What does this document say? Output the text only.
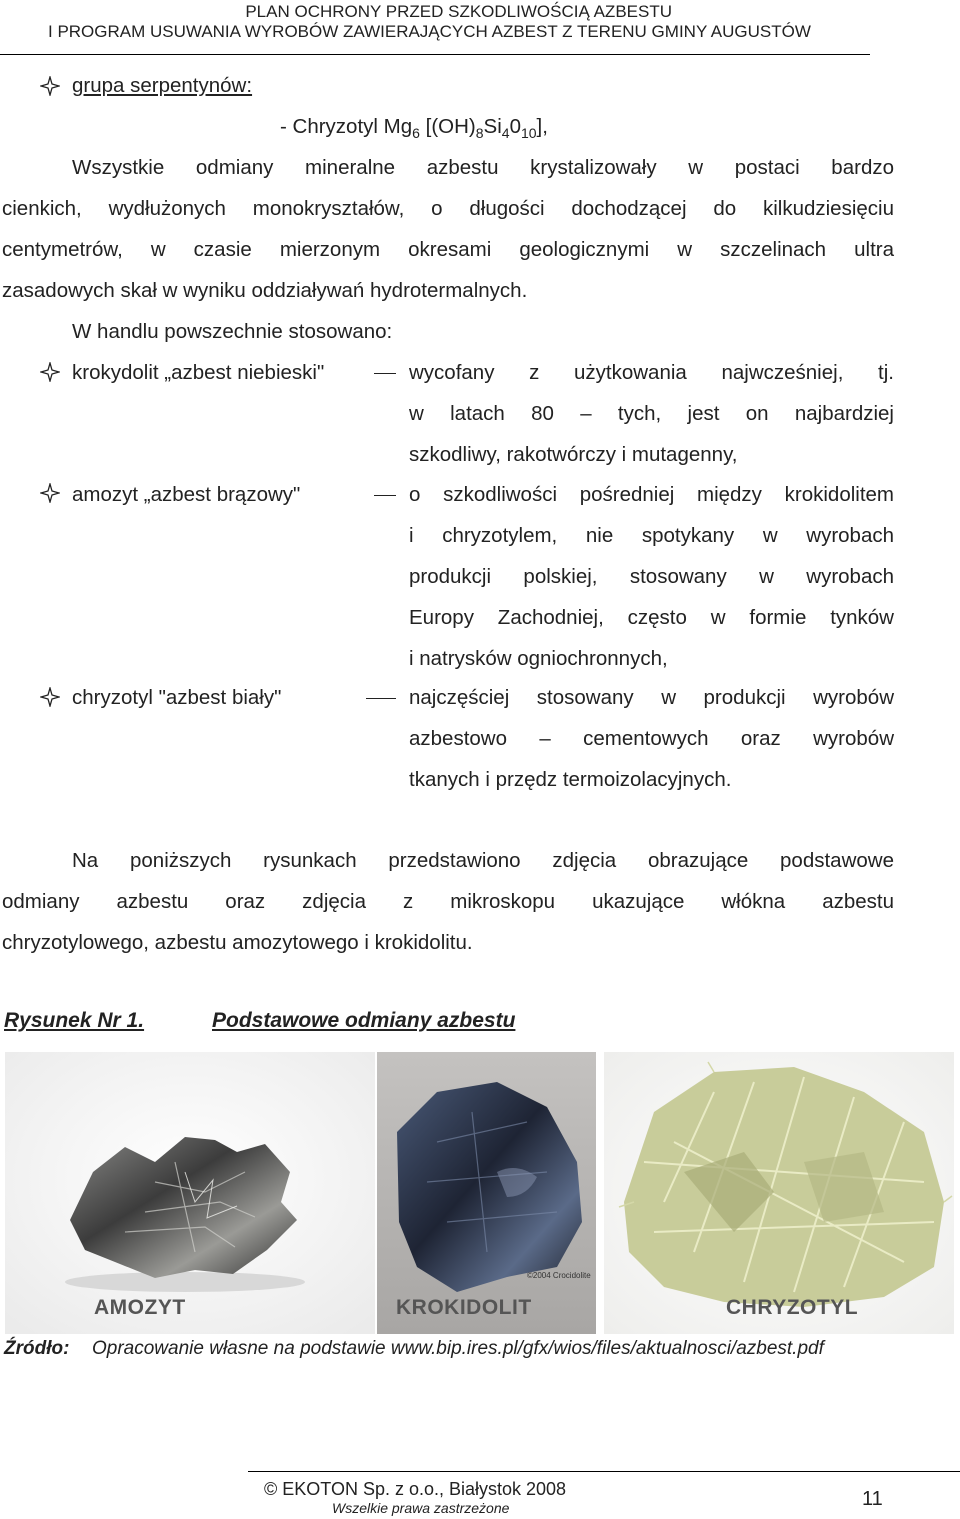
PLAN OCHRONY PRZED SZKODLIWOŚCIĄ AZBESTU
I PROGRAM USUWANIA WYROBÓW ZAWIERAJĄCYCH AZBEST Z TERENU GMINY AUGUSTÓW
grupa serpentynów:
- Chryzotyl $Mg_6$ $[(OH)_8Si_40_{10}]$,
Wszystkie odmiany mineralne azbestu krystalizowały w postaci bardzo
cienkich, wydłużonych monokryształów, o długości dochodzącej do kilkudziesięciu
centymetrów, w czasie mierzonym okresami geologicznymi w szczelinach ultra
zasadowych skał w wyniku oddziaływań hydrotermalnych.
W handlu powszechnie stosowano:
krokydolit „azbest niebieski"	wycofany z użytkowania najwcześniej, tj.
w latach 80 – tych, jest on najbardziej
szkodliwy, rakotwórczy i mutagenny,
amozyt „azbest brązowy"	o szkodliwości pośredniej między krokidolitem
i chryzotylem, nie spotykany w wyrobach
produkcji polskiej, stosowany w wyrobach
Europy Zachodniej, często w formie tynków
i natrysków ogniochronnych,
chryzotyl "azbest biały"	najczęściej stosowany w produkcji wyrobów
azbestowo – cementowych oraz wyrobów
tkanych i przędz termoizolacyjnych.
Na poniższych rysunkach przedstawiono zdjęcia obrazujące podstawowe
odmiany azbestu oraz zdjęcia z mikroskopu ukazujące włókna azbestu
chryzotylowego, azbestu amozytowego i krokidolitu.
Rysunek Nr 1.	Podstawowe odmiany azbestu
©2004 Crocidolite
AMOZYT	KROKIDOLIT	CHRYZOTYL
Źródło: Opracowanie własne na podstawie www.bip.ires.pl/gfx/wios/files/aktualnosci/azbest.pdf
© EKOTON Sp. z o.o., Białystok 2008
Wszelkie prawa zastrzeżone	11
